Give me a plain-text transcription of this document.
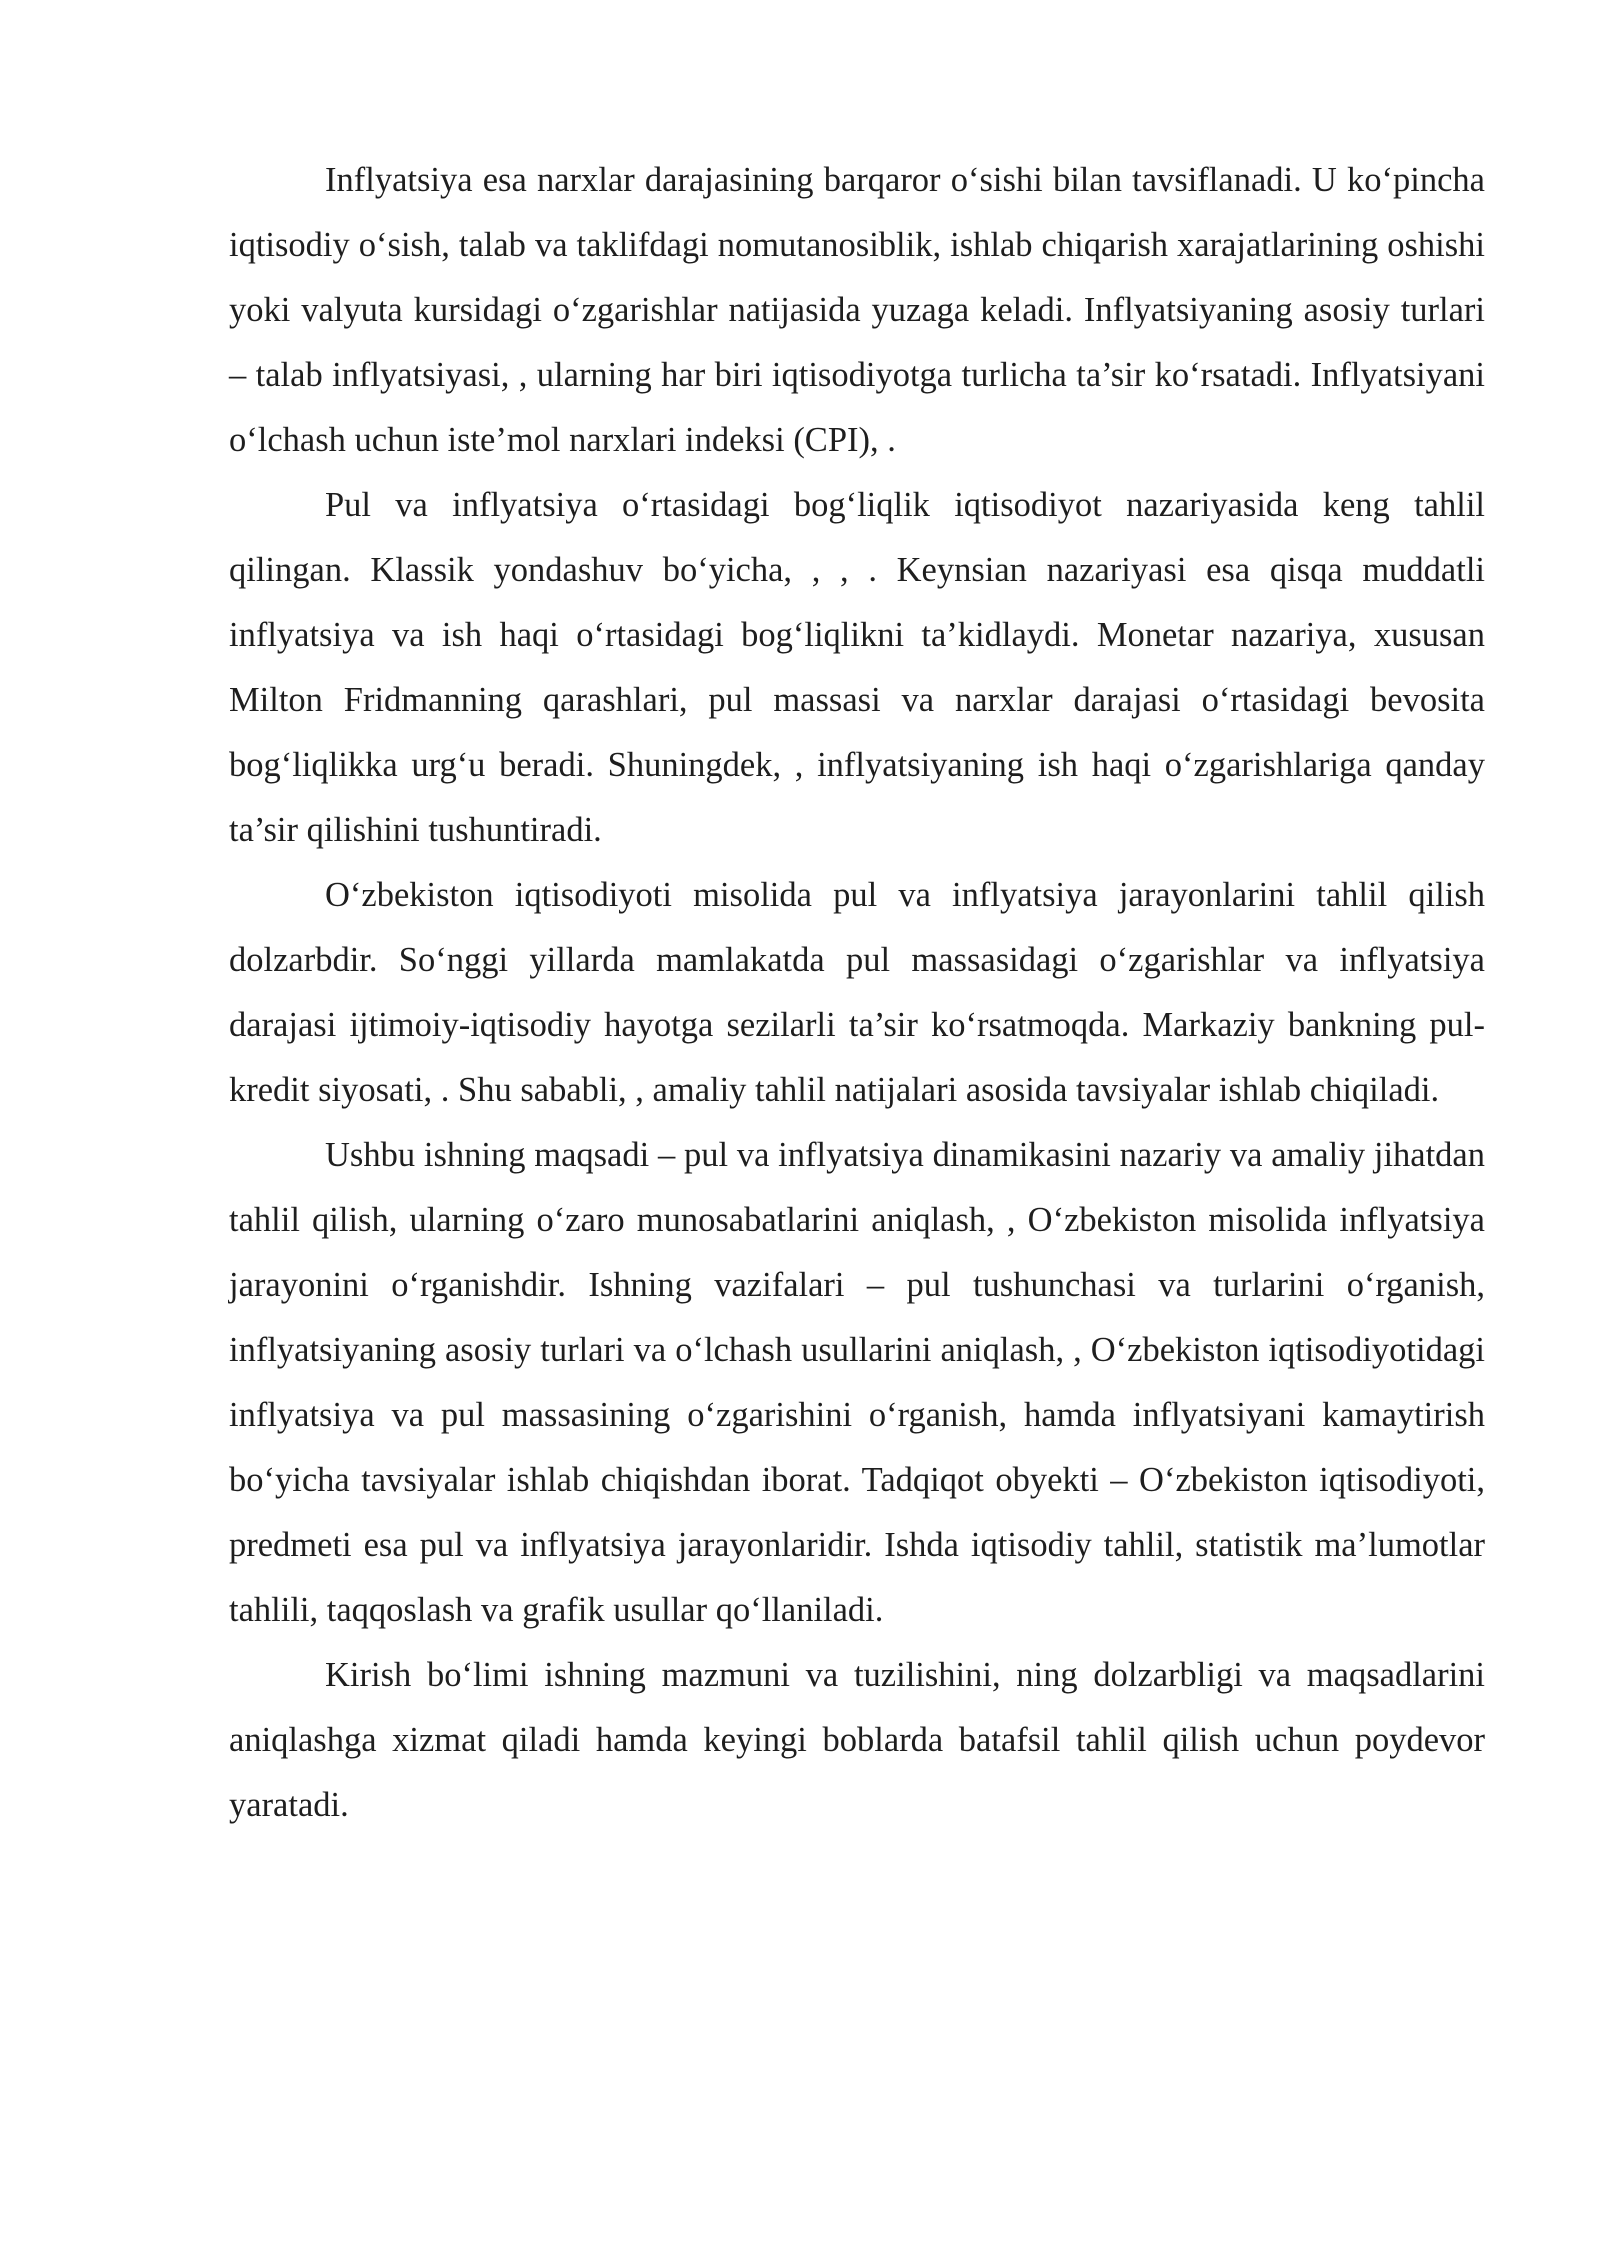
Inflyatsiya esa narxlar darajasining barqaror o‘sishi bilan tavsiflanadi. U ko‘pincha iqtisodiy o‘sish, talab va taklifdagi nomutanosiblik, ishlab chiqarish xarajatlarining oshishi yoki valyuta kursidagi o‘zgarishlar natijasida yuzaga keladi. Inflyatsiyaning asosiy turlari – talab inflyatsiyasi, , ularning har biri iqtisodiyotga turlicha ta’sir ko‘rsatadi. Inflyatsiyani o‘lchash uchun iste’mol narxlari indeksi (CPI), .

Pul va inflyatsiya o‘rtasidagi bog‘liqlik iqtisodiyot nazariyasida keng tahlil qilingan. Klassik yondashuv bo‘yicha, , , . Keynsian nazariyasi esa qisqa muddatli inflyatsiya va ish haqi o‘rtasidagi bog‘liqlikni ta’kidlaydi. Monetar nazariya, xususan Milton Fridmanning qarashlari, pul massasi va narxlar darajasi o‘rtasidagi bevosita bog‘liqlikka urg‘u beradi. Shuningdek, , inflyatsiyaning ish haqi o‘zgarishlariga qanday ta’sir qilishini tushuntiradi.

O‘zbekiston iqtisodiyoti misolida pul va inflyatsiya jarayonlarini tahlil qilish dolzarbdir. So‘nggi yillarda mamlakatda pul massasidagi o‘zgarishlar va inflyatsiya darajasi ijtimoiy-iqtisodiy hayotga sezilarli ta’sir ko‘rsatmoqda. Markaziy bankning pul-kredit siyosati, . Shu sababli, , amaliy tahlil natijalari asosida tavsiyalar ishlab chiqiladi.

Ushbu ishning maqsadi – pul va inflyatsiya dinamikasini nazariy va amaliy jihatdan tahlil qilish, ularning o‘zaro munosabatlarini aniqlash, , O‘zbekiston misolida inflyatsiya jarayonini o‘rganishdir. Ishning vazifalari – pul tushunchasi va turlarini o‘rganish, inflyatsiyaning asosiy turlari va o‘lchash usullarini aniqlash, , O‘zbekiston iqtisodiyotidagi inflyatsiya va pul massasining o‘zgarishini o‘rganish, hamda inflyatsiyani kamaytirish bo‘yicha tavsiyalar ishlab chiqishdan iborat. Tadqiqot obyekti – O‘zbekiston iqtisodiyoti, predmeti esa pul va inflyatsiya jarayonlaridir. Ishda iqtisodiy tahlil, statistik ma’lumotlar tahlili, taqqoslash va grafik usullar qo‘llaniladi.

Kirish bo‘limi ishning mazmuni va tuzilishini, ning dolzarbligi va maqsadlarini aniqlashga xizmat qiladi hamda keyingi boblarda batafsil tahlil qilish uchun poydevor yaratadi.
